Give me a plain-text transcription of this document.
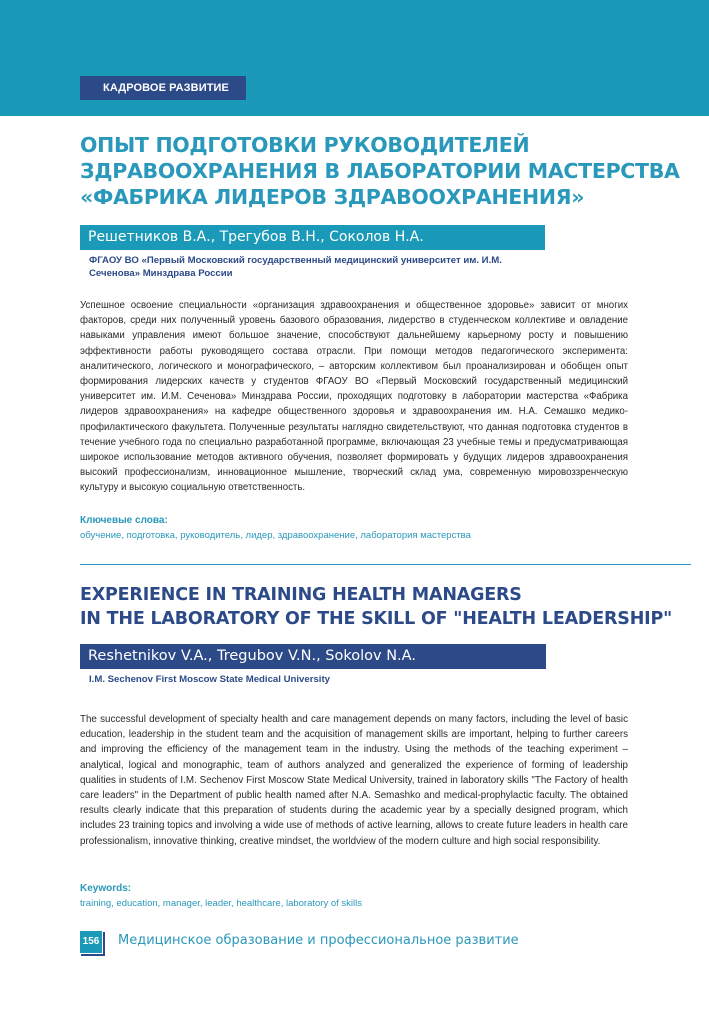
КАДРОВОЕ РАЗВИТИЕ
ОПЫТ ПОДГОТОВКИ РУКОВОДИТЕЛЕЙ
ЗДРАВООХРАНЕНИЯ В ЛАБОРАТОРИИ МАСТЕРСТВА
«ФАБРИКА ЛИДЕРОВ ЗДРАВООХРАНЕНИЯ»
Решетников В.А., Трегубов В.Н., Соколов Н.А.
ФГАОУ ВО «Первый Московский государственный медицинский университет им. И.М. Сеченова» Минздрава России
Успешное освоение специальности «организация здравоохранения и общественное здоровье» зависит от многих факторов, среди них полученный уровень базового образования, лидерство в студенческом коллективе и овладение навыками управления имеют большое значение, способствуют дальнейшему карьерному росту и повышению эффективности работы руководящего состава отрасли. При помощи методов педагогического эксперимента: аналитического, логического и монографического, – авторским коллективом был проанализирован и обобщен опыт формирования лидерских качеств у студентов ФГАОУ ВО «Первый Московский государственный медицинский университет им. И.М. Сеченова» Минздрава России, проходящих подготовку в лаборатории мастерства «Фабрика лидеров здравоохранения» на кафедре общественного здоровья и здравоохранения им. Н.А. Семашко медико-профилактического факультета. Полученные результаты наглядно свидетельствуют, что данная подготовка студентов в течение учебного года по специально разработанной программе, включающая 23 учебные темы и предусматривающая широкое использование методов активного обучения, позволяет формировать у будущих лидеров здравоохранения высокий профессионализм, инновационное мышление, творческий склад ума, современную мировоззренческую культуру и высокую социальную ответственность.
Ключевые слова:
обучение, подготовка, руководитель, лидер, здравоохранение, лаборатория мастерства
EXPERIENCE IN TRAINING HEALTH MANAGERS
IN THE LABORATORY OF THE SKILL OF "HEALTH LEADERSHIP"
Reshetnikov V.A., Tregubov V.N., Sokolov N.A.
I.M. Sechenov First Moscow State Medical University
The successful development of specialty health and care management depends on many factors, including the level of basic education, leadership in the student team and the acquisition of management skills are important, helping to further careers and improving the efficiency of the management team in the industry. Using the methods of the teaching experiment – analytical, logical and monographic, team of authors analyzed and generalized the experience of forming of leadership qualities in students of I.M. Sechenov First Moscow State Medical University, trained in laboratory skills "The Factory of health care leaders" in the Department of public health named after N.A. Semashko and medical-prophylactic faculty. The obtained results clearly indicate that this preparation of students during the academic year by a specially designed program, which includes 23 training topics and involving a wide use of methods of active learning, allows to create future leaders in health care professionalism, innovative thinking, creative mindset, the worldview of the modern culture and high social responsibility.
Keywords:
training, education, manager, leader, healthcare, laboratory of skills
156 Медицинское образование и профессиональное развитие
